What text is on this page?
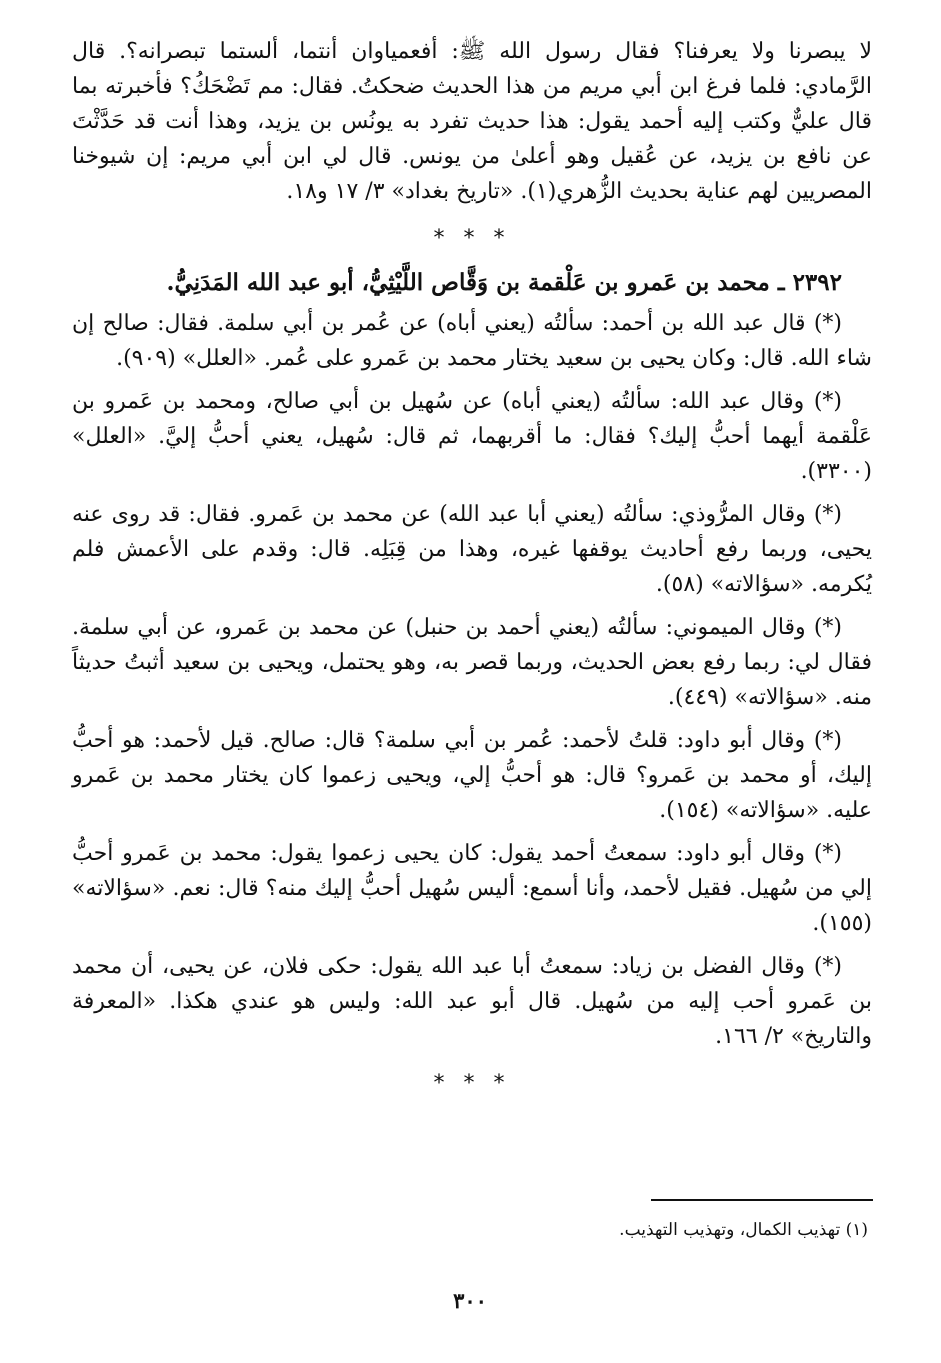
لا يبصرنا ولا يعرفنا؟ فقال رسول الله ﷺ: أفعمياوان أنتما، ألستما تبصرانه؟. قال الرَّمادي: فلما فرغ ابن أبي مريم من هذا الحديث ضحكتُ. فقال: مم تَضْحَكُ؟ فأخبرته بما قال عليٌّ وكتب إليه أحمد يقول: هذا حديث تفرد به يونُس بن يزيد، وهذا أنت قد حَدَّثْتَ عن نافع بن يزيد، عن عُقيل وهو أعلىٰ من يونس. قال لي ابن أبي مريم: إن شيوخنا المصريين لهم عناية بحديث الزُّهري(١). «تاريخ بغداد» ٣/ ١٧ و١٨.

* * *

٢٣٩٢ ـ محمد بن عَمرو بن عَلْقمة بن وَقَّاص اللَّيْثِيُّ، أبو عبد الله المَدَنِيُّ.

(*) قال عبد الله بن أحمد: سألتُه (يعني أباه) عن عُمر بن أبي سلمة. فقال: صالح إن شاء الله. قال: وكان يحيى بن سعيد يختار محمد بن عَمرو على عُمر. «العلل» (٩٠٩).

(*) وقال عبد الله: سألتُه (يعني أباه) عن سُهيل بن أبي صالح، ومحمد بن عَمرو بن عَلْقمة أيهما أحبُّ إليك؟ فقال: ما أقربهما، ثم قال: سُهيل، يعني أحبُّ إليَّ. «العلل» (٣٣٠٠).

(*) وقال المرُّوذي: سألتُه (يعني أبا عبد الله) عن محمد بن عَمرو. فقال: قد روى عنه يحيى، وربما رفع أحاديث يوقفها غيره، وهذا من قِبَلِه. قال: وقدم على الأعمش فلم يُكرمه. «سؤالاته» (٥٨).

(*) وقال الميموني: سألتُه (يعني أحمد بن حنبل) عن محمد بن عَمرو، عن أبي سلمة. فقال لي: ربما رفع بعض الحديث، وربما قصر به، وهو يحتمل، ويحيى بن سعيد أثبتُ حديثاً منه. «سؤالاته» (٤٤٩).

(*) وقال أبو داود: قلتُ لأحمد: عُمر بن أبي سلمة؟ قال: صالح. قيل لأحمد: هو أحبُّ إليك، أو محمد بن عَمرو؟ قال: هو أحبُّ إلي، ويحيى زعموا كان يختار محمد بن عَمرو عليه. «سؤالاته» (١٥٤).

(*) وقال أبو داود: سمعتُ أحمد يقول: كان يحيى زعموا يقول: محمد بن عَمرو أحبُّ إلي من سُهيل. فقيل لأحمد، وأنا أسمع: أليس سُهيل أحبُّ إليك منه؟ قال: نعم. «سؤالاته» (١٥٥).

(*) وقال الفضل بن زياد: سمعتُ أبا عبد الله يقول: حكى فلان، عن يحيى، أن محمد بن عَمرو أحب إليه من سُهيل. قال أبو عبد الله: وليس هو عندي هكذا. «المعرفة والتاريخ» ٢/ ١٦٦.

* * *
(١) تهذيب الكمال، وتهذيب التهذيب.
٣٠٠
